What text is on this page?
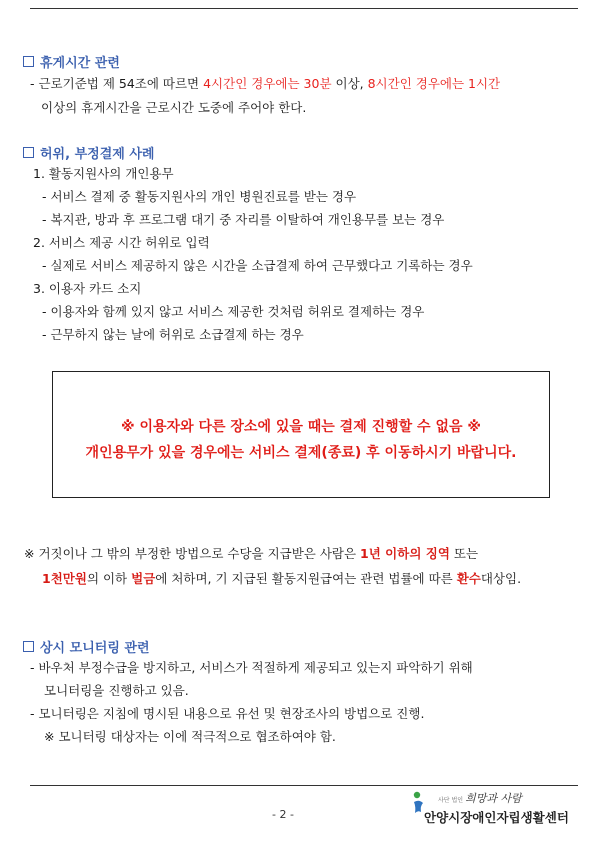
휴게시간 관련
- 근로기준법 제 54조에 따르면 4시간인 경우에는 30분 이상, 8시간인 경우에는 1시간
이상의 휴게시간을 근로시간 도중에 주어야 한다.
허위, 부정결제 사례
1. 활동지원사의 개인용무
- 서비스 결제 중 활동지원사의 개인 병원진료를 받는 경우
- 복지관, 방과 후 프로그램 대기 중 자리를 이탈하여 개인용무를 보는 경우
2. 서비스 제공 시간 허위로 입력
- 실제로 서비스 제공하지 않은 시간을 소급결제 하여 근무했다고 기록하는 경우
3. 이용자 카드 소지
- 이용자와 함께 있지 않고 서비스 제공한 것처럼 허위로 결제하는 경우
- 근무하지 않는 날에 허위로 소급결제 하는 경우
※ 이용자와 다른 장소에 있을 때는 결제 진행할 수 없음 ※
개인용무가 있을 경우에는 서비스 결제(종료) 후 이동하시기 바랍니다.
※ 거짓이나 그 밖의 부정한 방법으로 수당을 지급받은 사람은 1년 이하의 징역 또는
1천만원의 이하 벌금에 처하며, 기 지급된 활동지원급여는 관련 법률에 따른 환수대상임.
상시 모니터링 관련
- 바우처 부정수급을 방지하고, 서비스가 적절하게 제공되고 있는지 파악하기 위해
모니터링을 진행하고 있음.
- 모니터링은 지침에 명시된 내용으로 유선 및 현장조사의 방법으로 진행.
※ 모니터링 대상자는 이에 적극적으로 협조하여야 함.
- 2 -
사단 법인 희망과 사람
안양시장애인자립생활센터
